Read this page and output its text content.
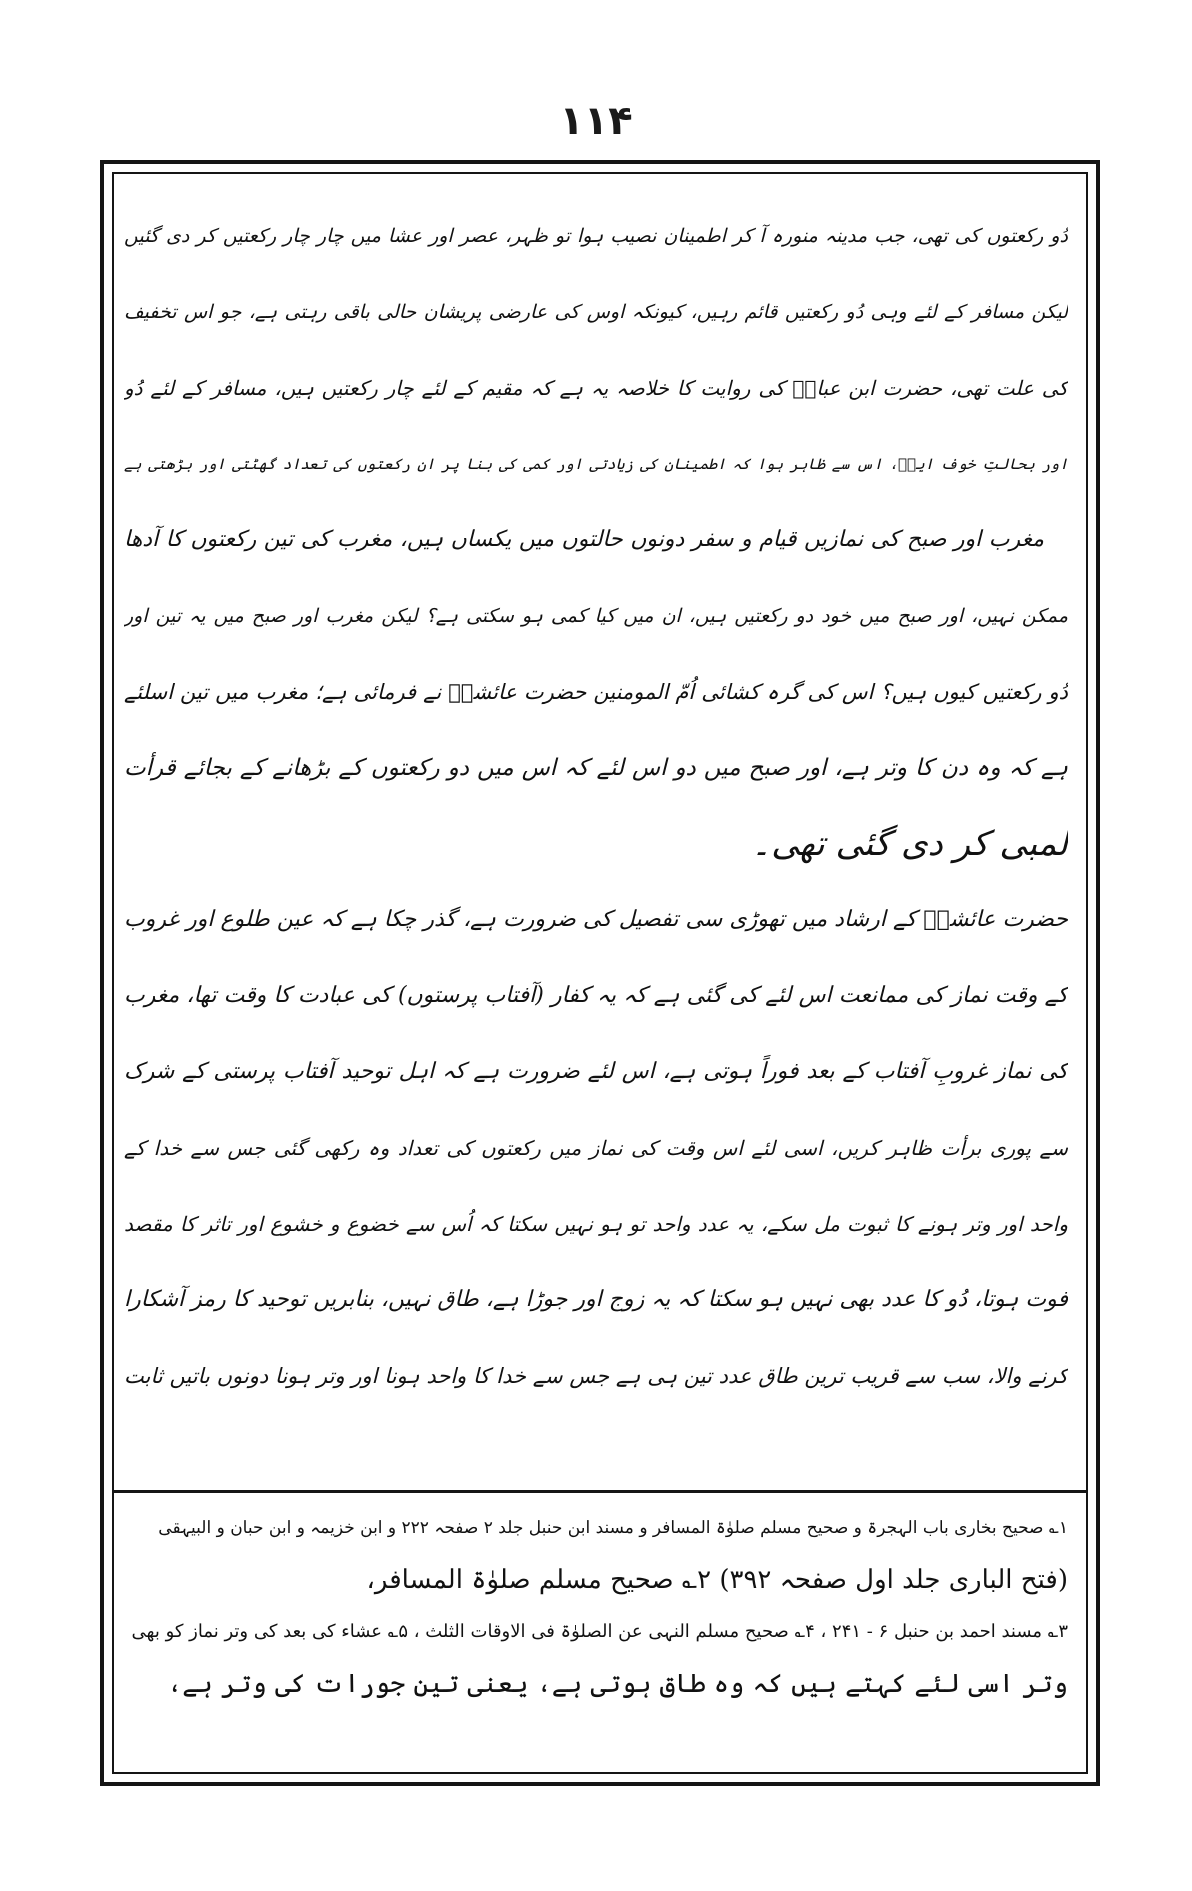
١١۴
دُو رکعتوں کی تھی، جب مدینہ منورہ آ کر اطمینان نصیب ہوا تو ظہر، عصر اور عشا میں چار چار رکعتیں کر دی گئیں
لیکن مسافر کے لئے وہی دُو رکعتیں قائم رہیں، کیونکہ اوس کی عارضی پریشان حالی باقی رہتی ہے، جو اس تخفیف
کی علت تھی، حضرت ابن عباسؓ کی روایت کا خلاصہ یہ ہے کہ مقیم کے لئے چار رکعتیں ہیں، مسافر کے لئے دُو
اور بحالتِ خوف ایکؓ، اس سے ظاہر ہوا کہ اطمینان کی زیادتی اور کمی کی بنا پر ان رکعتوں کی تعداد گھٹتی اور بڑھتی ہے
مغرب اور صبح کی نمازیں قیام و سفر دونوں حالتوں میں یکساں ہیں، مغرب کی تین رکعتوں کا آدھا
ممکن نہیں، اور صبح میں خود دو رکعتیں ہیں، ان میں کیا کمی ہو سکتی ہے؟ لیکن مغرب اور صبح میں یہ تین اور
دُو رکعتیں کیوں ہیں؟ اس کی گرہ کشائی اُمّ المومنین حضرت عائشہؓ نے فرمائی ہے؛ مغرب میں تین اسلئے
ہے کہ وہ دن کا وتر ہے، اور صبح میں دو اس لئے کہ اس میں دو رکعتوں کے بڑھانے کے بجائے قرأت
لمبی کر دی گئی تھی۔
حضرت عائشہؓ کے ارشاد میں تھوڑی سی تفصیل کی ضرورت ہے، گذر چکا ہے کہ عین طلوع اور غروب
کے وقت نماز کی ممانعت اس لئے کی گئی ہے کہ یہ کفار (آفتاب پرستوں) کی عبادت کا وقت تھا، مغرب
کی نماز غروبِ آفتاب کے بعد فوراً ہوتی ہے، اس لئے ضرورت ہے کہ اہل توحید آفتاب پرستی کے شرک
سے پوری برأت ظاہر کریں، اسی لئے اس وقت کی نماز میں رکعتوں کی تعداد وہ رکھی گئی جس سے خدا کے
واحد اور وتر ہونے کا ثبوت مل سکے، یہ عدد واحد تو ہو نہیں سکتا کہ اُس سے خضوع و خشوع اور تاثر کا مقصد
فوت ہوتا، دُو کا عدد بھی نہیں ہو سکتا کہ یہ زوج اور جوڑا ہے، طاق نہیں، بنابریں توحید کا رمز آشکارا
کرنے والا، سب سے قریب ترین طاق عدد تین ہی ہے جس سے خدا کا واحد ہونا اور وتر ہونا دونوں باتیں ثابت
۱؎ صحیح بخاری باب الہجرۃ و صحیح مسلم صلوٰۃ المسافر و مسند ابن حنبل جلد ۲ صفحہ ۲۲۲ و ابن خزیمہ و ابن حبان و البیہقی
(فتح الباری جلد اول صفحہ ۳۹۲) ۲؎ صحیح مسلم صلوٰۃ المسافر،
۳؎ مسند احمد بن حنبل ۶ - ۲۴۱ ، ۴؎ صحیح مسلم النہی عن الصلوٰۃ فی الاوقات الثلث ، ۵؎ عشاء کی بعد کی وتر نماز کو بھی
وتر اسی لئے کہتے ہیں کہ وہ طاق ہوتی ہے، یعنی تین جورات کی وتر ہے،
